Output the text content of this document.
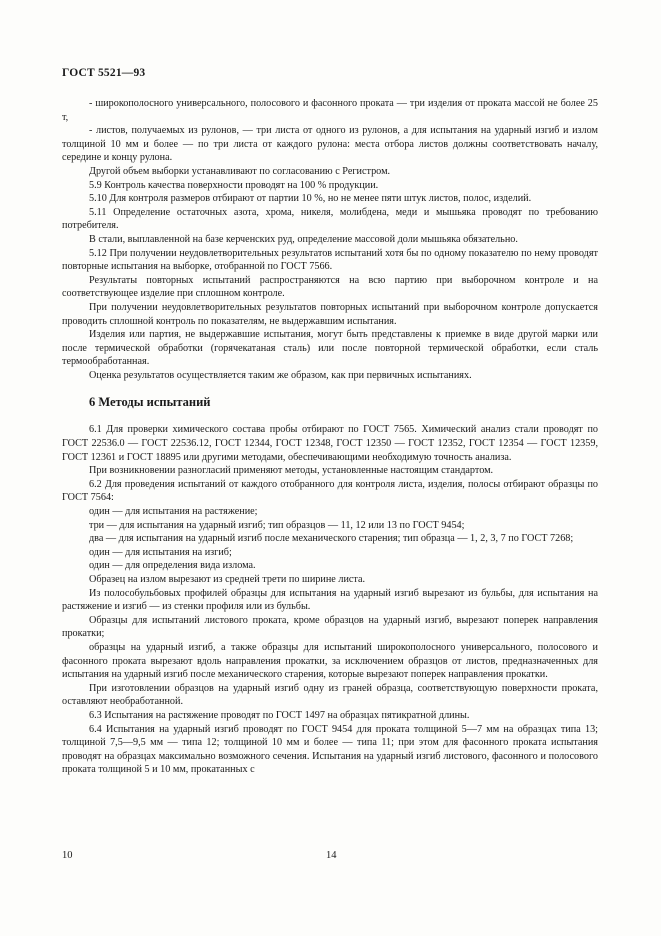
ГОСТ 5521—93

- широкополосного универсального, полосового и фасонного проката — три изделия от проката массой не более 25 т,

- листов, получаемых из рулонов, — три листа от одного из рулонов, а для испытания на ударный изгиб и излом толщиной 10 мм и более — по три листа от каждого рулона: места отбора листов должны соответствовать началу, середине и концу рулона.

Другой объем выборки устанавливают по согласованию с Регистром.

5.9 Контроль качества поверхности проводят на 100 % продукции.

5.10 Для контроля размеров отбирают от партии 10 %, но не менее пяти штук листов, полос, изделий.

5.11 Определение остаточных азота, хрома, никеля, молибдена, меди и мышьяка проводят по требованию потребителя.

В стали, выплавленной на базе керченских руд, определение массовой доли мышьяка обязательно.

5.12 При получении неудовлетворительных результатов испытаний хотя бы по одному показателю по нему проводят повторные испытания на выборке, отобранной по ГОСТ 7566.

Результаты повторных испытаний распространяются на всю партию при выборочном контроле и на соответствующее изделие при сплошном контроле.

При получении неудовлетворительных результатов повторных испытаний при выборочном контроле допускается проводить сплошной контроль по показателям, не выдержавшим испытания.

Изделия или партия, не выдержавшие испытания, могут быть представлены к приемке в виде другой марки или после термической обработки (горячекатаная сталь) или после повторной термической обработки, если сталь термообработанная.

Оценка результатов осуществляется таким же образом, как при первичных испытаниях.

6 Методы испытаний

6.1 Для проверки химического состава пробы отбирают по ГОСТ 7565. Химический анализ стали проводят по ГОСТ 22536.0 — ГОСТ 22536.12, ГОСТ 12344, ГОСТ 12348, ГОСТ 12350 — ГОСТ 12352, ГОСТ 12354 — ГОСТ 12359, ГОСТ 12361 и ГОСТ 18895 или другими методами, обеспечивающими необходимую точность анализа.

При возникновении разногласий применяют методы, установленные настоящим стандартом.

6.2 Для проведения испытаний от каждого отобранного для контроля листа, изделия, полосы отбирают образцы по ГОСТ 7564:

один — для испытания на растяжение;

три — для испытания на ударный изгиб; тип образцов — 11, 12 или 13 по ГОСТ 9454;

два — для испытания на ударный изгиб после механического старения; тип образца — 1, 2, 3, 7 по ГОСТ 7268;

один — для испытания на изгиб;

один — для определения вида излома.

Образец на излом вырезают из средней трети по ширине листа.

Из полособульбовых профилей образцы для испытания на ударный изгиб вырезают из бульбы, для испытания на растяжение и изгиб — из стенки профиля или из бульбы.

Образцы для испытаний листового проката, кроме образцов на ударный изгиб, вырезают поперек направления прокатки;

образцы на ударный изгиб, а также образцы для испытаний широкополосного универсального, полосового и фасонного проката вырезают вдоль направления прокатки, за исключением образцов от листов, предназначенных для испытания на ударный изгиб после механического старения, которые вырезают поперек направления прокатки.

При изготовлении образцов на ударный изгиб одну из граней образца, соответствующую поверхности проката, оставляют необработанной.

6.3 Испытания на растяжение проводят по ГОСТ 1497 на образцах пятикратной длины.

6.4 Испытания на ударный изгиб проводят по ГОСТ 9454 для проката толщиной 5—7 мм на образцах типа 13; толщиной 7,5—9,5 мм — типа 12; толщиной 10 мм и более — типа 11; при этом для фасонного проката испытания проводят на образцах максимально возможного сечения. Испытания на ударный изгиб листового, фасонного и полосового проката толщиной 5 и 10 мм, прокатанных с

10	14
